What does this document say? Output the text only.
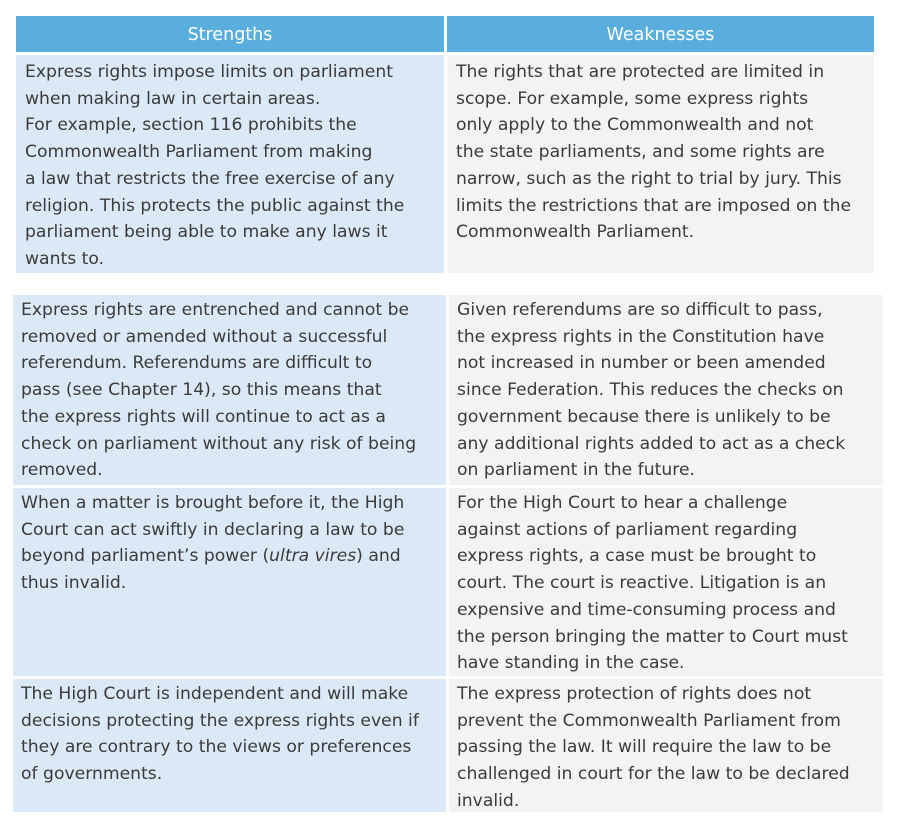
Strengths	Weaknesses
Express rights impose limits on parliament
when making law in certain areas.
For example, section 116 prohibits the
Commonwealth Parliament from making
a law that restricts the free exercise of any
religion. This protects the public against the
parliament being able to make any laws it
wants to.
The rights that are protected are limited in
scope. For example, some express rights
only apply to the Commonwealth and not
the state parliaments, and some rights are
narrow, such as the right to trial by jury. This
limits the restrictions that are imposed on the
Commonwealth Parliament.
Express rights are entrenched and cannot be
removed or amended without a successful
referendum. Referendums are difficult to
pass (see Chapter 14), so this means that
the express rights will continue to act as a
check on parliament without any risk of being
removed.
Given referendums are so difficult to pass,
the express rights in the Constitution have
not increased in number or been amended
since Federation. This reduces the checks on
government because there is unlikely to be
any additional rights added to act as a check
on parliament in the future.
When a matter is brought before it, the High
Court can act swiftly in declaring a law to be
beyond parliament’s power (ultra vires) and
thus invalid.
For the High Court to hear a challenge
against actions of parliament regarding
express rights, a case must be brought to
court. The court is reactive. Litigation is an
expensive and time-consuming process and
the person bringing the matter to Court must
have standing in the case.
The High Court is independent and will make
decisions protecting the express rights even if
they are contrary to the views or preferences
of governments.
The express protection of rights does not
prevent the Commonwealth Parliament from
passing the law. It will require the law to be
challenged in court for the law to be declared
invalid.
